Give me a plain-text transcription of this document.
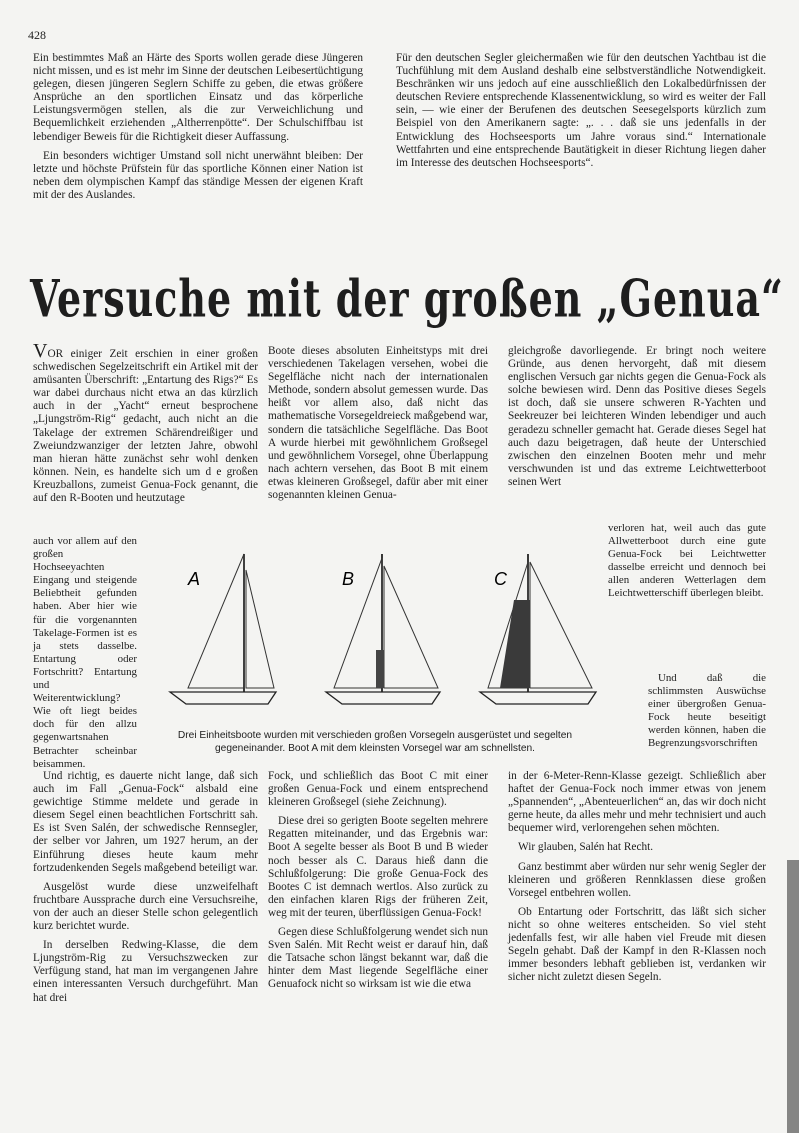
428

Ein bestimmtes Maß an Härte des Sports wollen gerade diese Jüngeren nicht missen, und es ist mehr im Sinne der deutschen Leibesertüchtigung gelegen, diesen jüngeren Seglern Schiffe zu geben, die etwas größere Ansprüche an den sportlichen Einsatz und das körperliche Leistungsvermögen stellen, als die zur Verweichlichung und Bequemlichkeit erziehenden „Altherrenpötte“. Der Schulschiffbau ist lebendiger Beweis für die Richtigkeit dieser Auffassung.

Ein besonders wichtiger Umstand soll nicht unerwähnt bleiben: Der letzte und höchste Prüfstein für das sportliche Können einer Nation ist neben dem olympischen Kampf das ständige Messen der eigenen Kraft mit der des Auslandes.

Für den deutschen Segler gleichermaßen wie für den deutschen Yachtbau ist die Tuchfühlung mit dem Ausland deshalb eine selbstverständliche Notwendigkeit. Beschränken wir uns jedoch auf eine ausschließlich den Lokalbedürfnissen der deutschen Reviere entsprechende Klassenentwicklung, so wird es weiter der Fall sein, — wie einer der Berufenen des deutschen Seesegelsports kürzlich zum Beispiel von den Amerikanern sagte: „. . . daß sie uns jedenfalls in der Entwicklung des Hochseesports um Jahre voraus sind.“ Internationale Wettfahrten und eine entsprechende Bautätigkeit in dieser Richtung liegen daher im Interesse des deutschen Hochseesports“.

Versuche mit der großen „Genua“

VOR einiger Zeit erschien in einer großen schwedischen Segelzeitschrift ein Artikel mit der amüsanten Überschrift: „Entartung des Rigs?“ Es war dabei durchaus nicht etwa an das kürzlich auch in der „Yacht“ erneut besprochene „Ljungström-Rig“ gedacht, auch nicht an die Takelage der extremen Schärendreißiger und Zweiundzwanziger der letzten Jahre, obwohl man hieran hätte zunächst sehr wohl denken können. Nein, es handelte sich um d e großen Kreuzballons, zumeist Genua-Fock genannt, die auf den R-Booten und heutzutage

auch vor allem auf den großen Hochseeyachten Eingang und steigende Beliebtheit gefunden haben. Aber hier wie für die vorgenannten Takelage-Formen ist es ja stets dasselbe. Entartung oder Fortschritt? Entartung und Weiterentwicklung? Wie oft liegt beides doch für den allzu gegenwartsnahen Betrachter scheinbar beisammen.

Und richtig, es dauerte nicht lange, daß sich auch im Fall „Genua-Fock“ alsbald eine gewichtige Stimme meldete und gerade in diesem Segel einen beachtlichen Fortschritt sah. Es ist Sven Salén, der schwedische Rennsegler, der selber vor Jahren, um 1927 herum, an der Einführung dieses heute kaum mehr fortzudenkenden Segels maßgebend beteiligt war.

Ausgelöst wurde diese unzweifelhaft fruchtbare Aussprache durch eine Versuchsreihe, von der auch an dieser Stelle schon gelegentlich kurz berichtet wurde.

In derselben Redwing-Klasse, die dem Ljungström-Rig zu Versuchszwecken zur Verfügung stand, hat man im vergangenen Jahre einen interessanten Versuch durchgeführt. Man hat drei

Boote dieses absoluten Einheitstyps mit drei verschiedenen Takelagen versehen, wobei die Segelfläche nicht nach der internationalen Methode, sondern absolut gemessen wurde. Das heißt vor allem also, daß nicht das mathematische Vorsegeldreieck maßgebend war, sondern die tatsächliche Segelfläche. Das Boot A wurde hierbei mit gewöhnlichem Großsegel und gewöhnlichem Vorsegel, ohne Überlappung nach achtern versehen, das Boot B mit einem etwas kleineren Großsegel, dafür aber mit einer sogenannten kleinen Genua-

Fock, und schließlich das Boot C mit einer großen Genua-Fock und einem entsprechend kleineren Großsegel (siehe Zeichnung).

Diese drei so gerigten Boote segelten mehrere Regatten miteinander, und das Ergebnis war: Boot A segelte besser als Boot B und B wieder noch besser als C. Daraus hieß dann die Schlußfolgerung: Die große Genua-Fock des Bootes C ist demnach wertlos. Also zurück zu den einfachen klaren Rigs der früheren Zeit, weg mit der teuren, überflüssigen Genua-Fock!

Gegen diese Schlußfolgerung wendet sich nun Sven Salén. Mit Recht weist er darauf hin, daß die Tatsache schon längst bekannt war, daß die hinter dem Mast liegende Segelfläche einer Genuafock nicht so wirksam ist wie die etwa

gleichgroße davorliegende. Er bringt noch weitere Gründe, aus denen hervorgeht, daß mit diesem englischen Versuch gar nichts gegen die Genua-Fock als solche bewiesen wird. Denn das Positive dieses Segels ist doch, daß sie unsere schweren R-Yachten und Seekreuzer bei leichteren Winden lebendiger und auch geradezu schneller gemacht hat. Gerade dieses Segel hat auch dazu beigetragen, daß heute der Unterschied zwischen den einzelnen Booten mehr und mehr verschwunden ist und das extreme Leichtwetterboot seinen Wert

verloren hat, weil auch das gute Allwetterboot durch eine gute Genua-Fock bei Leichtwetter dasselbe erreicht und dennoch bei allen anderen Wetterlagen dem Leichtwetterschiff überlegen bleibt.

Und daß die schlimmsten Auswüchse einer übergroßen Genua-Fock heute beseitigt werden können, haben die Begrenzungsvorschriften

in der 6-Meter-Renn-Klasse gezeigt. Schließlich aber haftet der Genua-Fock noch immer etwas von jenem „Spannenden“, „Abenteuerlichen“ an, das wir doch nicht gerne heute, da alles mehr und mehr technisiert und auch bequemer wird, verlorengehen sehen möchten.

Wir glauben, Salén hat Recht.

Ganz bestimmt aber würden nur sehr wenig Segler der kleineren und größeren Rennklassen diese großen Vorsegel entbehren wollen.

Ob Entartung oder Fortschritt, das läßt sich sicher nicht so ohne weiteres entscheiden. So viel steht jedenfalls fest, wir alle haben viel Freude mit diesen Segeln gehabt. Daß der Kampf in den R-Klassen noch immer besonders lebhaft geblieben ist, verdanken wir sicher nicht zuletzt diesen Segeln.

A	B	C
Drei Einheitsboote wurden mit verschieden großen Vorsegeln ausgerüstet und segelten
gegeneinander. Boot A mit dem kleinsten Vorsegel war am schnellsten.
